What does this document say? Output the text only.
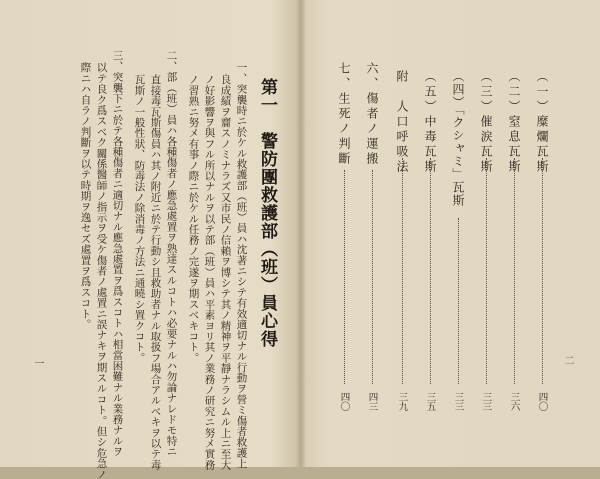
第一　警防團救護部（班）員心得
一、突襲時ニ於ケル救護部（班）員ハ沈著ニシテ有效適切ナル行動ヲ營ミ傷者救護上
良成績ヲ齎スノミナラズ又市民ノ信賴ヲ博シテ其ノ精神ヲ平靜ナラシムル上ニ至大
ノ好影響ヲ與フル所以ナルヲ以テ部（班）員ハ平素ヨリ其ノ業務ノ研究ニ努メ實務
ノ習熟ニ努メ有事ノ際ニ於ケル任務ノ完遂ヲ期スベキコト。
二、部（班）員ハ各種傷者ノ應急處置ヲ熟達スルコトハ必要ナルハ勿論ナレドモ特ニ
直接毒瓦斯傷員ハ其ノ附近ニ於テ行動シ且救助者ナル取扱フ場合アルベキヲ以テ毒
瓦斯ノ一般性狀、防毒法ノ除消毒ノ方法ニ通曉シ置クコト。
三、突襲下ニ於テ各種傷者ニ適切ナル應急處置ヲ爲スコトハ相當困難ナル業務ナルヲ
以テ良ク爲スベク關係醫師ノ指示ヲ受ケ傷者ノ處置ニ誤ナキヲ期スルコト。但シ危急ノ
際ニハ自ラノ判斷ヲ以テ時期ヲ逸セズ處置ヲ爲スコト。
一	二
（一）糜爛瓦斯
四〇
（二）窒息瓦斯
三六
（三）催涙瓦斯
三三
（四）「クシャミ」瓦斯
三三
（五）中毒瓦斯
三五
附　人口呼吸法
三九
六、傷者ノ運搬
四三
七、生死ノ判斷
四〇
